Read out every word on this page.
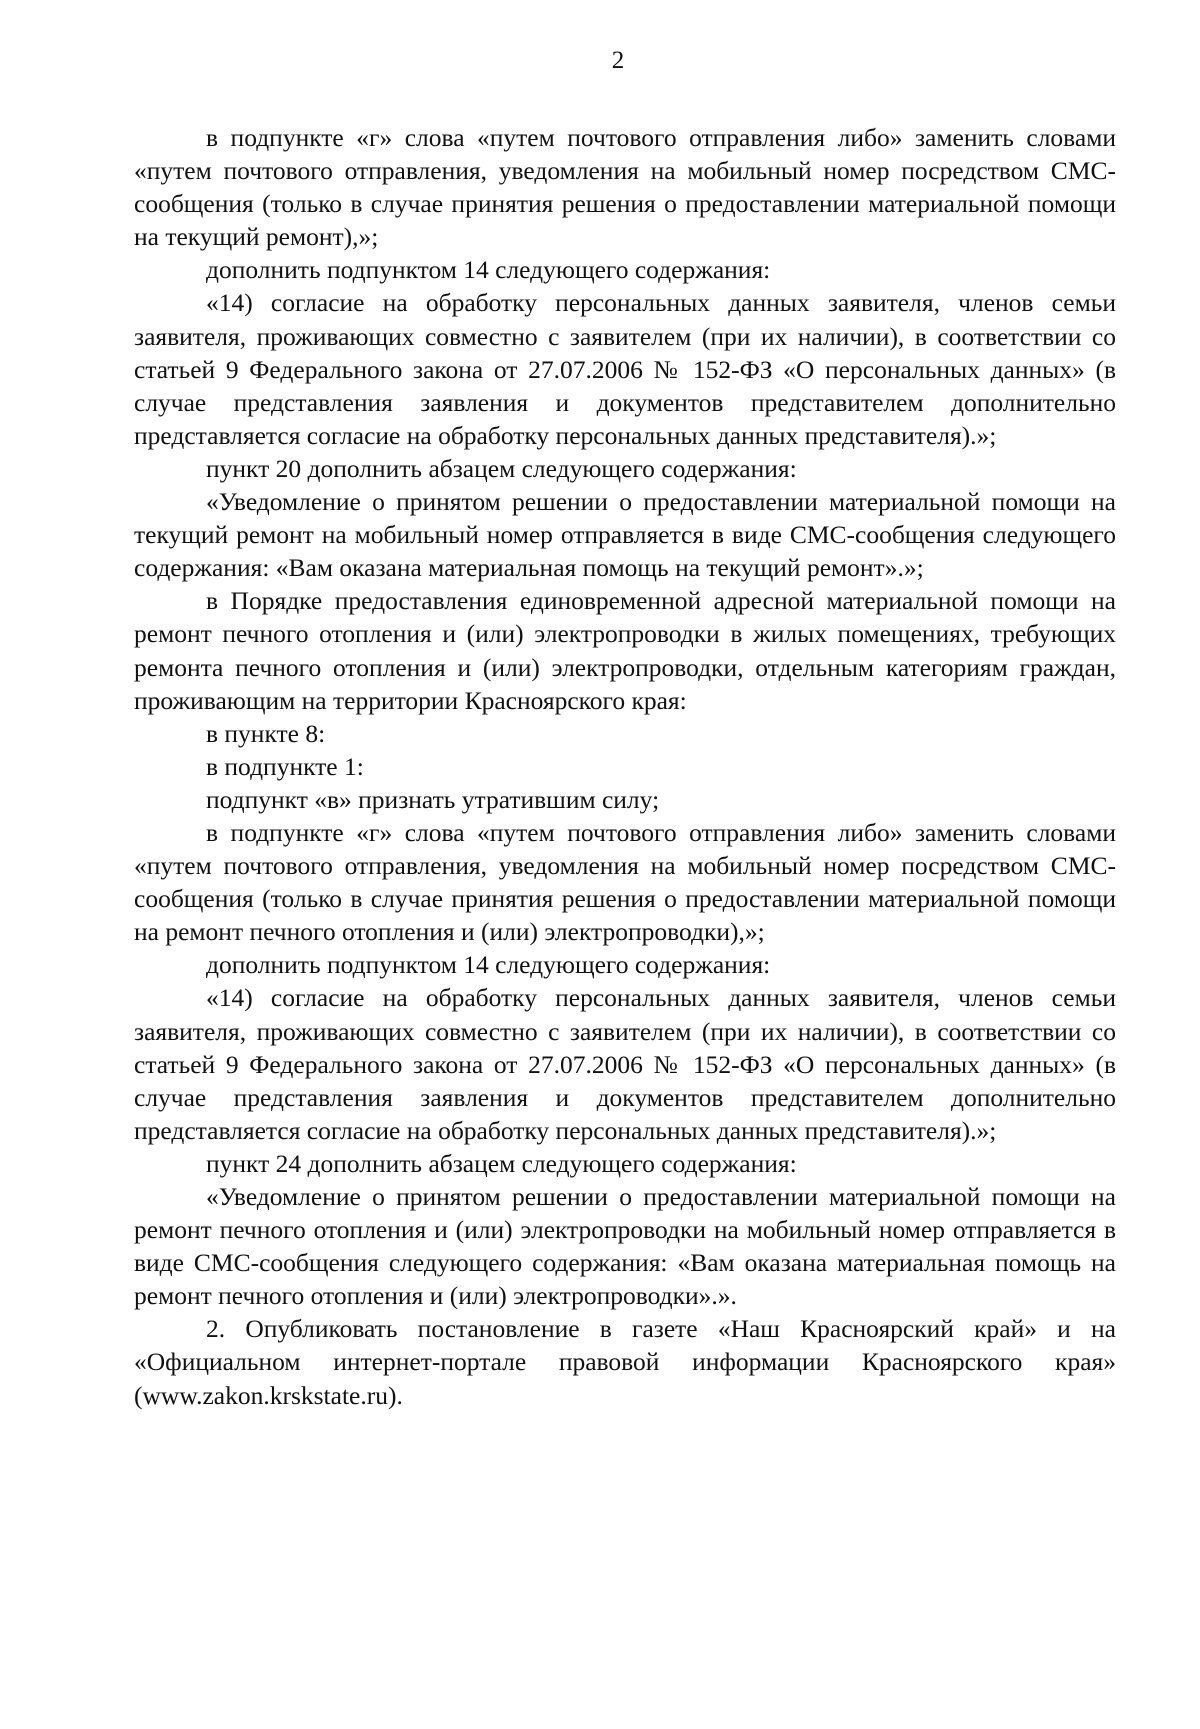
2

в подпункте «г» слова «путем почтового отправления либо» заменить словами «путем почтового отправления, уведомления на мобильный номер посредством СМС-сообщения (только в случае принятия решения о предоставлении материальной помощи на текущий ремонт),»;

дополнить подпунктом 14 следующего содержания:

«14) согласие на обработку персональных данных заявителя, членов семьи заявителя, проживающих совместно с заявителем (при их наличии), в соответствии со статьей 9 Федерального закона от 27.07.2006 № 152-ФЗ «О персональных данных» (в случае представления заявления и документов представителем дополнительно представляется согласие на обработку персональных данных представителя).»;

пункт 20 дополнить абзацем следующего содержания:

«Уведомление о принятом решении о предоставлении материальной помощи на текущий ремонт на мобильный номер отправляется в виде СМС-сообщения следующего содержания: «Вам оказана материальная помощь на текущий ремонт».»;

в Порядке предоставления единовременной адресной материальной помощи на ремонт печного отопления и (или) электропроводки в жилых помещениях, требующих ремонта печного отопления и (или) электропроводки, отдельным категориям граждан, проживающим на территории Красноярского края:

в пункте 8:

в подпункте 1:

подпункт «в» признать утратившим силу;

в подпункте «г» слова «путем почтового отправления либо» заменить словами «путем почтового отправления, уведомления на мобильный номер посредством СМС-сообщения (только в случае принятия решения о предоставлении материальной помощи на ремонт печного отопления и (или) электропроводки),»;

дополнить подпунктом 14 следующего содержания:

«14) согласие на обработку персональных данных заявителя, членов семьи заявителя, проживающих совместно с заявителем (при их наличии), в соответствии со статьей 9 Федерального закона от 27.07.2006 № 152-ФЗ «О персональных данных» (в случае представления заявления и документов представителем дополнительно представляется согласие на обработку персональных данных представителя).»;

пункт 24 дополнить абзацем следующего содержания:

«Уведомление о принятом решении о предоставлении материальной помощи на ремонт печного отопления и (или) электропроводки на мобильный номер отправляется в виде СМС-сообщения следующего содержания: «Вам оказана материальная помощь на ремонт печного отопления и (или) электропроводки».».

2. Опубликовать постановление в газете «Наш Красноярский край» и на «Официальном интернет-портале правовой информации Красноярского края» (www.zakon.krskstate.ru).
